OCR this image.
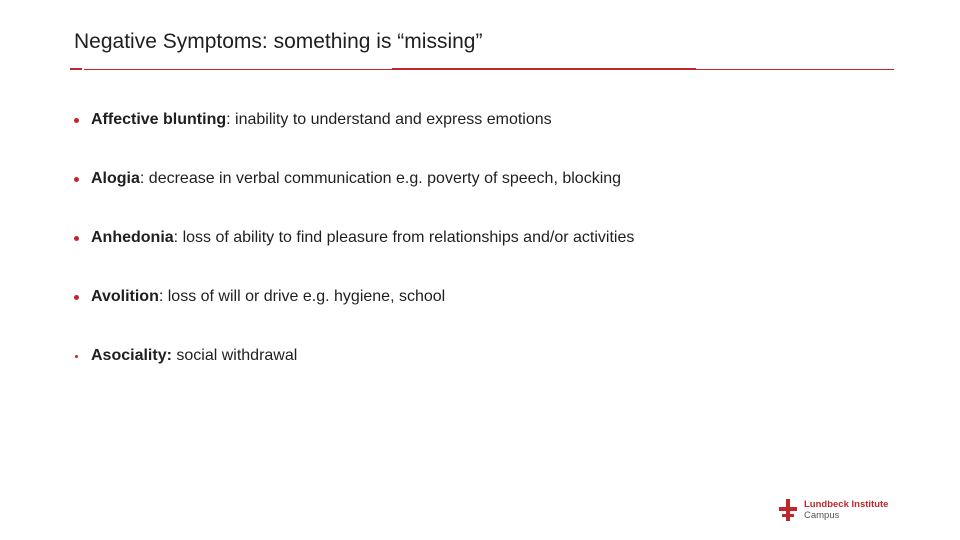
Negative Symptoms: something is “missing”
Affective blunting : inability to understand and express emotions
Alogia : decrease in verbal communication e.g. poverty of speech, blocking
Anhedonia : loss of ability to find pleasure from relationships and/or activities
Avolition : loss of will or drive e.g. hygiene, school
Asociality: social withdrawal
Lundbeck Institute
Campus
